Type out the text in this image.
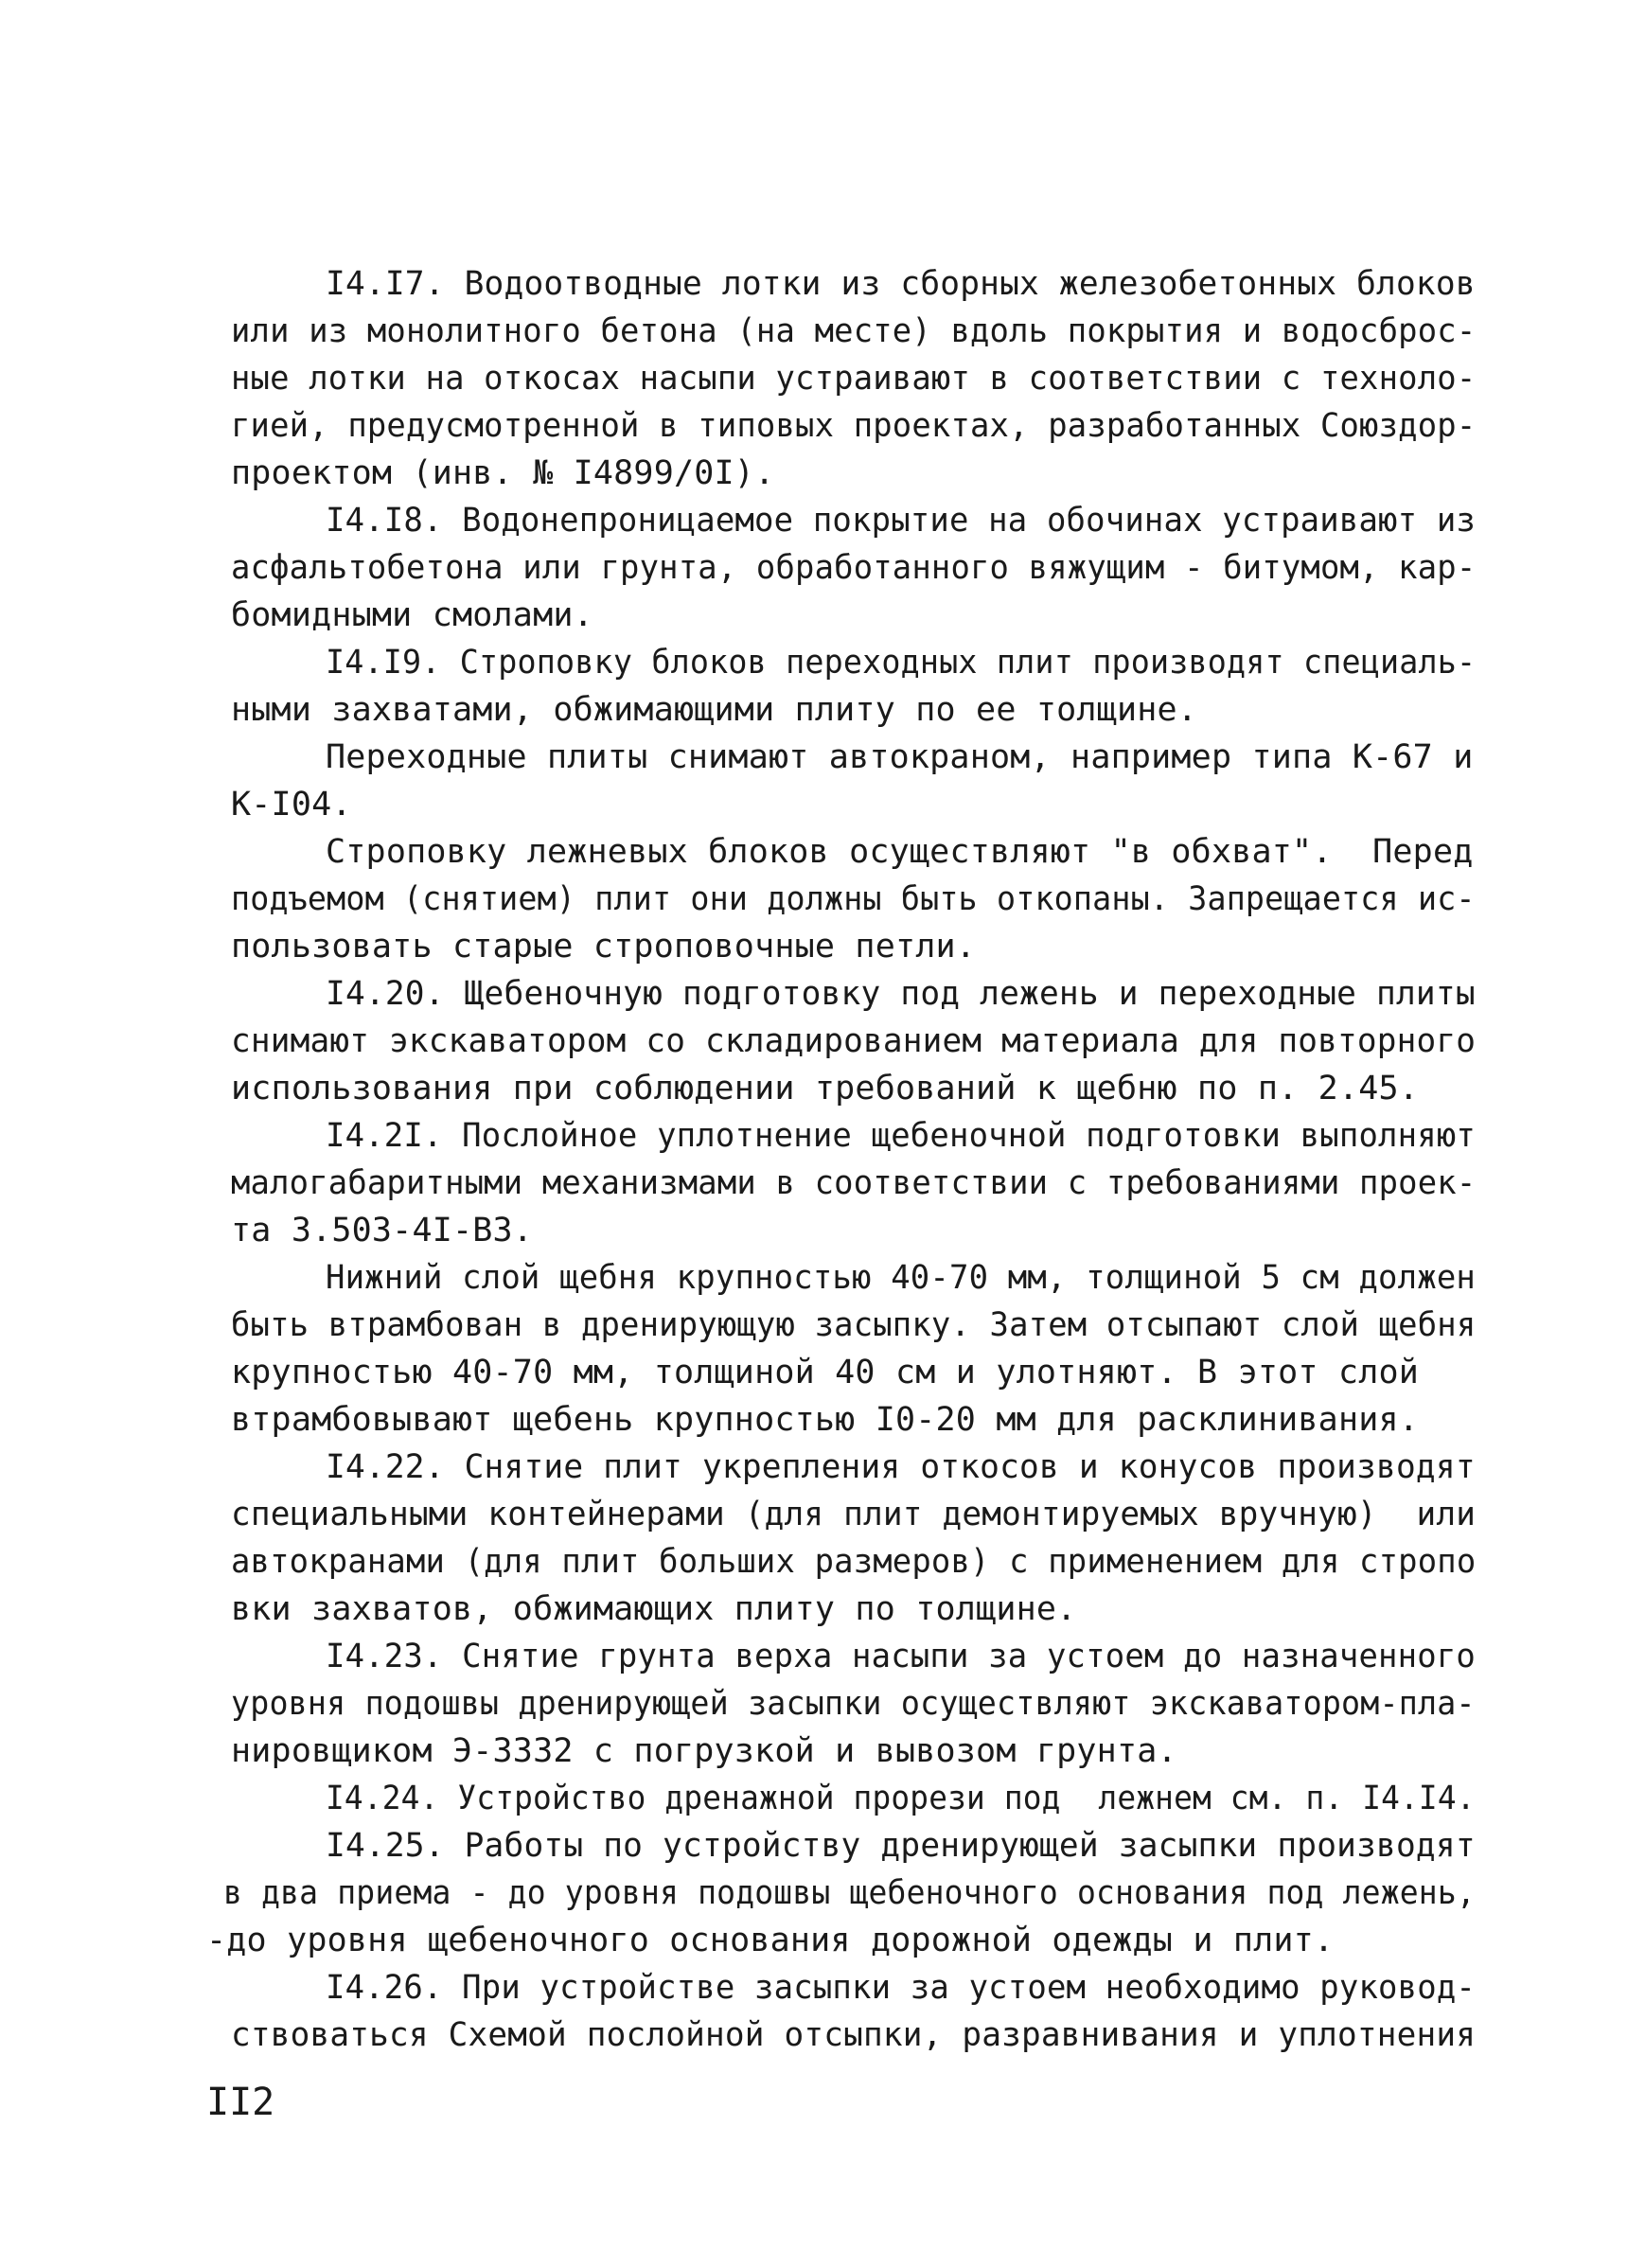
I4.I7. Водоотводные лотки из сборных железобетонных блоков
или из монолитного бетона (на месте) вдоль покрытия и водосброс-
ные лотки на откосах насыпи устраивают в соответствии с техноло-
гией, предусмотренной в типовых проектах, разработанных Союздор-
проектом (инв. № I4899/0I).
I4.I8. Водонепроницаемое покрытие на обочинах устраивают из
асфальтобетона или грунта, обработанного вяжущим - битумом, кар-
бомидными смолами.
I4.I9. Строповку блоков переходных плит производят специаль-
ными захватами, обжимающими плиту по ее толщине.
Переходные плиты снимают автокраном, например типа К-67 и
К-I04.
Строповку лежневых блоков осуществляют "в обхват".  Перед
подъемом (снятием) плит они должны быть откопаны. Запрещается ис-
пользовать старые строповочные петли.
I4.20. Щебеночную подготовку под лежень и переходные плиты
снимают экскаватором со складированием материала для повторного
использования при соблюдении требований к щебню по п. 2.45.
I4.2I. Послойное уплотнение щебеночной подготовки выполняют
малогабаритными механизмами в соответствии с требованиями проек-
та 3.503-4I-В3.
Нижний слой щебня крупностью 40-70 мм, толщиной 5 см должен
быть втрамбован в дренирующую засыпку. Затем отсыпают слой щебня
крупностью 40-70 мм, толщиной 40 см и улотняют. В этот слой
втрамбовывают щебень крупностью I0-20 мм для расклинивания.
I4.22. Снятие плит укрепления откосов и конусов производят
специальными контейнерами (для плит демонтируемых вручную)  или
автокранами (для плит больших размеров) с применением для стропо
вки захватов, обжимающих плиту по толщине.
I4.23. Снятие грунта верха насыпи за устоем до назначенного
уровня подошвы дренирующей засыпки осуществляют экскаватором-пла-
нировщиком Э-3332 с погрузкой и вывозом грунта.
I4.24. Устройство дренажной прорези под  лежнем см. п. I4.I4.
I4.25. Работы по устройству дренирующей засыпки производят
в два приема - до уровня подошвы щебеночного основания под лежень,
-до уровня щебеночного основания дорожной одежды и плит.
I4.26. При устройстве засыпки за устоем необходимо руковод-
ствоваться Схемой послойной отсыпки, разравнивания и уплотнения
II2
